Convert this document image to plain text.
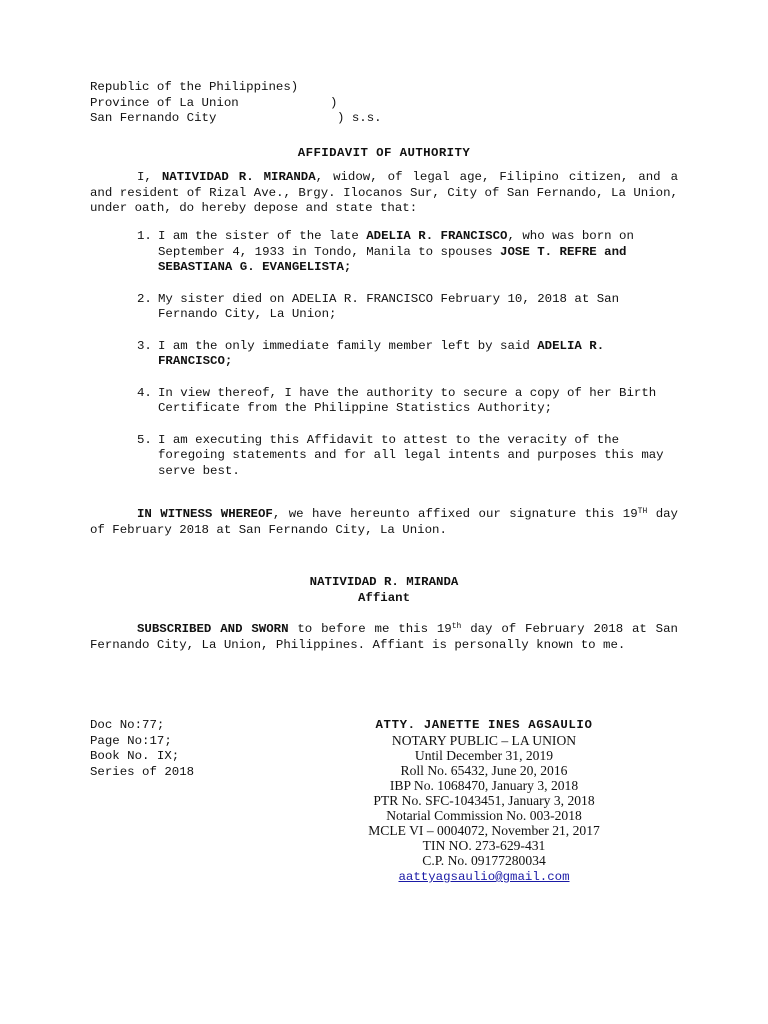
Republic of the Philippines)
Province of La Union	)
San Fernando City	) s.s.
AFFIDAVIT OF AUTHORITY
I, NATIVIDAD R. MIRANDA, widow, of legal age, Filipino citizen, and a and resident of Rizal Ave., Brgy. Ilocanos Sur, City of San Fernando, La Union, under oath, do hereby depose and state that:
1. I am the sister of the late ADELIA R. FRANCISCO, who was born on September 4, 1933 in Tondo, Manila to spouses JOSE T. REFRE and SEBASTIANA G. EVANGELISTA;
2. My sister died on ADELIA R. FRANCISCO February 10, 2018 at San Fernando City, La Union;
3. I am the only immediate family member left by said ADELIA R. FRANCISCO;
4. In view thereof, I have the authority to secure a copy of her Birth Certificate from the Philippine Statistics Authority;
5. I am executing this Affidavit to attest to the veracity of the foregoing statements and for all legal intents and purposes this may serve best.
IN WITNESS WHEREOF, we have hereunto affixed our signature this 19TH day of February 2018 at San Fernando City, La Union.
NATIVIDAD R. MIRANDA
Affiant
SUBSCRIBED AND SWORN to before me this 19th day of February 2018 at San Fernando City, La Union, Philippines. Affiant is personally known to me.
Doc No:77;
Page No:17;
Book No. IX;
Series of 2018
ATTY. JANETTE INES AGSAULIO
NOTARY PUBLIC – LA UNION
Until December 31, 2019
Roll No. 65432, June 20, 2016
IBP No. 1068470, January 3, 2018
PTR No. SFC-1043451, January 3, 2018
Notarial Commission No. 003-2018
MCLE VI – 0004072, November 21, 2017
TIN NO. 273-629-431
C.P. No. 09177280034
aattyagsaulio@gmail.com
